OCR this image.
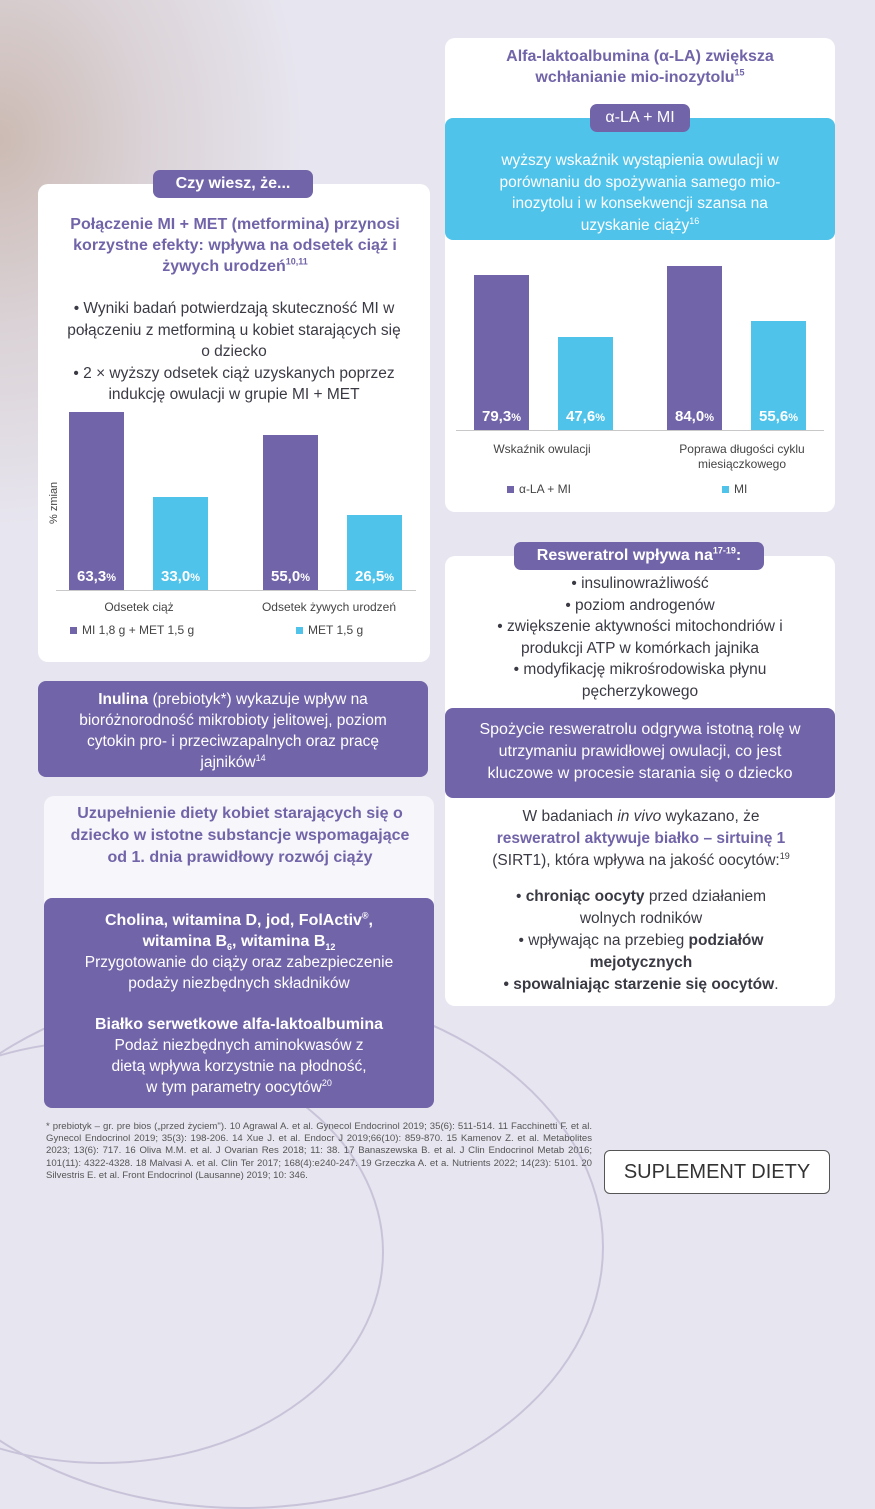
Czy wiesz, że...
Połączenie MI + MET (metformina) przynosi korzystne efekty: wpływa na odsetek ciąż i żywych urodzeń$^{10,11}$

• Wyniki badań potwierdzają skuteczność MI w połączeniu z metforminą u kobiet starających się o dziecko

• 2 × wyższy odsetek ciąż uzyskanych poprzez indukcję owulacji w grupie MI + MET

% zmian
63,3%	33,0%
Odsetek ciąż
55,0%	26,5%
Odsetek żywych urodzeń
MI 1,8 g + MET 1,5 g	MET 1,5 g
Alfa-laktoalbumina (α-LA) zwiększa wchłanianie mio-inozytolu$^{15}$
α-LA + MI
wyższy wskaźnik wystąpienia owulacji w porównaniu do spożywania samego mio-inozytolu i w konsekwencji szansa na uzyskanie ciąży$^{16}$
79,3%	47,6%
Wskaźnik owulacji
84,0%	55,6%
Poprawa długości cyklu miesiączkowego
α-LA + MI	MI
Inulina (prebiotyk*) wykazuje wpływ na bioróżnorodność mikrobioty jelitowej, poziom cytokin pro- i przeciwzapalnych oraz pracę jajników$^{14}$
Resweratrol wpływa $na^{17-19}$:

• insulinowrażliwość

• poziom androgenów

• zwiększenie aktywności mitochondriów i produkcji ATP w komórkach jajnika

• modyfikację mikrośrodowiska płynu pęcherzykowego

Spożycie resweratrolu odgrywa istotną rolę w utrzymaniu prawidłowej owulacji, co jest kluczowe w procesie starania się o dziecko

W badaniach in vivo wykazano, że

resweratrol aktywuje białko – sirtuinę 1

(SIRT1), która wpływa na jakość oocytów:$^{19}$

• chroniąc oocyty przed działaniem wolnych rodników

• wpływając na przebieg podziałów mejotycznych

• spowalniając starzenie się oocytów.

Uzupełnienie diety kobiet starających się o dziecko w istotne substancje wspomagające od 1. dnia prawidłowy rozwój ciąży
Cholina, witamina D, jod, FolActiv®,
witamina $B_6$, witamina $B_{12}$
Przygotowanie do ciąży oraz zabezpieczenie podaży niezbędnych składników
Białko serwetkowe alfa-laktoalbumina
Podaż niezbędnych aminokwasów z dietą wpływa korzystnie na płodność, w tym parametry oocytów$^{20}$
* prebiotyk – gr. pre bios („przed życiem"). 10 Agrawal A. et al. Gynecol Endocrinol 2019; 35(6): 511-514. 11 Facchinetti F. et al. Gynecol Endocrinol 2019; 35(3): 198-206. 14 Xue J. et al. Endocr J 2019;66(10): 859-870. 15 Kamenov Z. et al. Metabolites 2023; 13(6): 717. 16 Oliva M.M. et al. J Ovarian Res 2018; 11: 38. 17 Banaszewska B. et al. J Clin Endocrinol Metab 2016; 101(11): 4322-4328. 18 Malvasi A. et al. Clin Ter 2017; 168(4):e240-247. 19 Grzeczka A. et a. Nutrients 2022; 14(23): 5101. 20 Silvestris E. et al. Front Endocrinol (Lausanne) 2019; 10: 346.	SUPLEMENT DIETY
